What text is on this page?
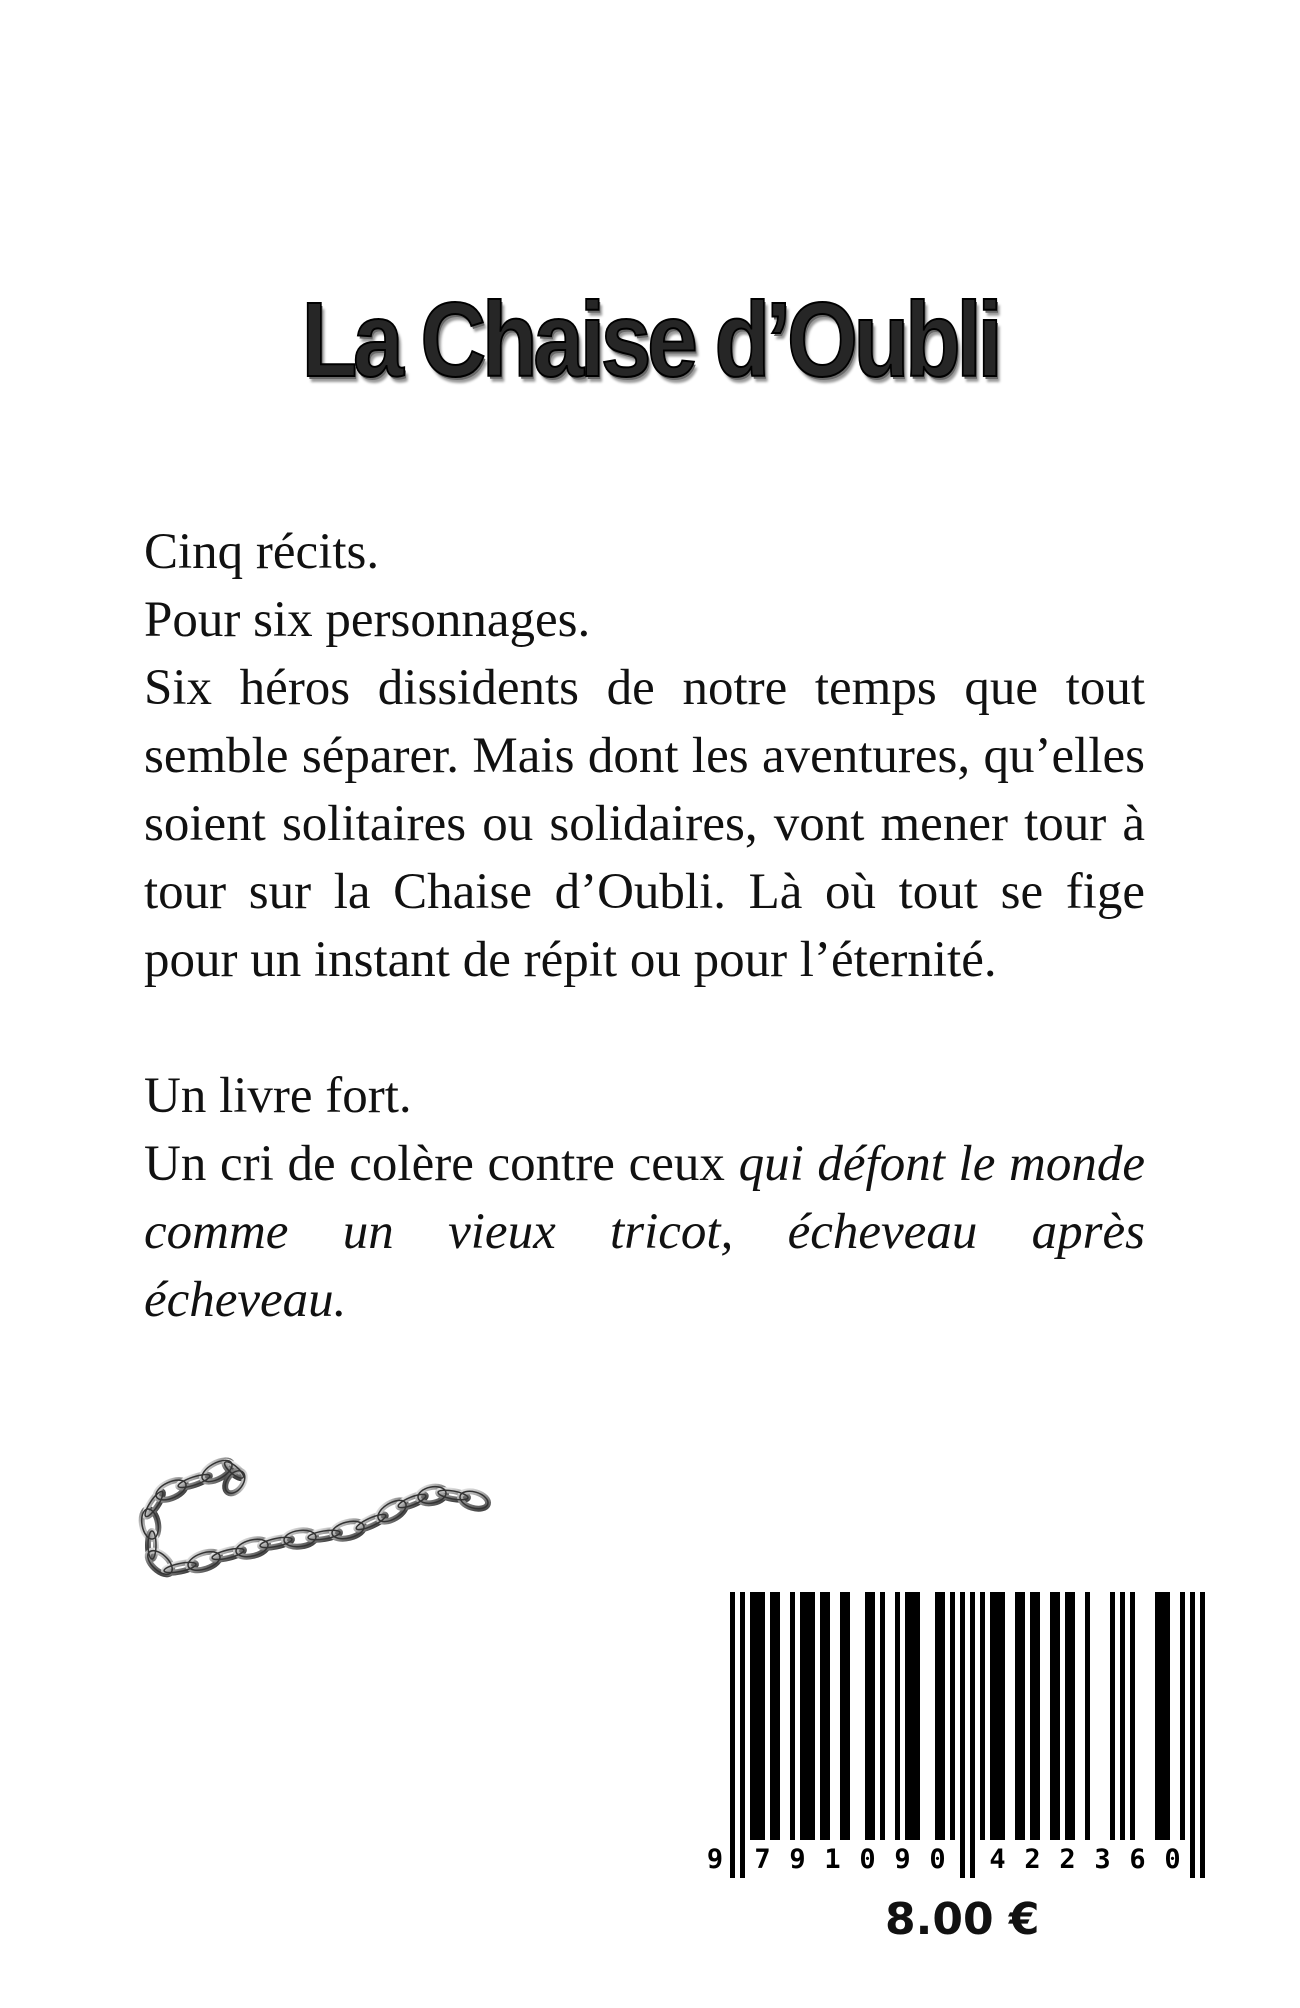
La Chaise d’Oubli

Cinq récits.

Pour six personnages.

Six héros dissidents de notre temps que tout semble séparer. Mais dont les aventures, qu’elles soient solitaires ou solidaires, vont mener tour à tour sur la Chaise d’Oubli. Là où tout se fige pour un instant de répit ou pour l’éternité.

Un livre fort.

Un cri de colère contre ceux qui défont le monde comme un vieux tricot, écheveau après écheveau.

9 7 9 1 0 9 0 4 2 2 3 6 0
8.00 €
